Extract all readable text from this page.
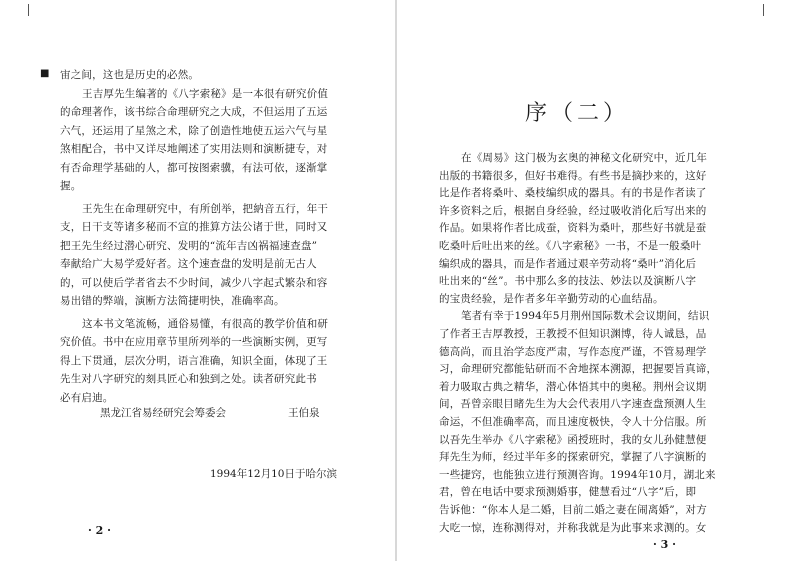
■ 宙之间，这也是历史的必然。
王吉厚先生编著的《八字索秘》是一本很有研究价值
的命理著作，该书综合命理研究之大成，不但运用了五运
六气，还运用了星煞之术，除了创造性地使五运六气与星
煞相配合，书中又详尽地阐述了实用法则和演断捷专，对
有否命理学基础的人，都可按图索骥，有法可依，逐渐掌
握。
王先生在命理研究中，有所创举，把納音五行，年干
支，日干支等诸多秘而不宣的推算方法公诸于世，同时又
把王先生经过潜心研究、发明的“流年吉凶祸福速查盘”
奉献给广大易学爱好者。这个速查盘的发明是前无古人
的，可以使后学者省去不少时间，减少八字起式繁杂和容
易出错的弊端，演断方法简捷明快，准确率高。
这本书文笔流畅，通俗易懂，有很高的教学价值和研
究价值。书中在应用章节里所列举的一些演断实例，更写
得上下贯通，层次分明，语言准确，知识全面，体现了王
先生对八字研究的刻具匠心和独到之处。读者研究此书
必有启迪。
黑龙江省易经研究会筹委会	王伯泉
1994年12月10日于哈尔滨
· 2 ·
序（二）
在《周易》这门极为玄奥的神秘文化研究中，近几年
出版的书籍很多，但好书难得。有些书是摘抄来的，这好
比是作者将桑叶、桑枝编织成的器具。有的书是作者读了
许多资料之后，根据自身经验，经过吸收消化后写出来的
作品。如果将作者比成蚕，资料为桑叶，那些好书就是蚕
吃桑叶后吐出来的丝。《八字索秘》一书，不是一般桑叶
编织成的器具，而是作者通过艰辛劳动将“桑叶”消化后
吐出来的“丝”。书中那么多的技法、妙法以及演断八字
的宝贵经验，是作者多年辛勤劳动的心血结晶。
笔者有幸于1994年5月荆州国际数术会议期间，结识
了作者王吉厚教授，王教授不但知识渊博，待人诚恳，品
德高尚，而且治学态度严肃，写作态度严谨，不管易理学
习，命理研究都能钻研而不舍地探本溯源，把握要旨真谛，
着力吸取古典之精华，潜心体悟其中的奥秘。荆州会议期
间，吾曾亲眼目睹先生为大会代表用八字速查盘预测人生
命运，不但准确率高，而且速度极快，令人十分信服。所
以吾先生举办《八字索秘》函授班时，我的女儿孙健慧便
拜先生为师，经过半年多的探索研究，掌握了八字演断的
一些捷窍，也能独立进行预测咨询。1994年10月，湖北来
君，曾在电话中要求预测婚事，健慧看过“八字”后，即
告诉他：“你本人是二婚，目前二婚之妻在闹离婚”，对方
大吃一惊，连称测得对，并称我就是为此事来求测的。女
· 3 ·
